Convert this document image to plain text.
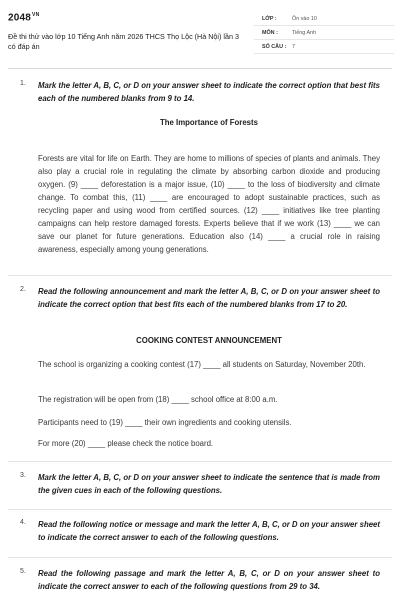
$2048^{VN}$
Đề thi thử vào lớp 10 Tiếng Anh năm 2026 THCS Thọ Lộc (Hà Nội) lần 3 có đáp án
LỚP :	Ôn vào 10
MÔN :	Tiếng Anh
SỐ CÂU : 7
1. Mark the letter A, B, C, or D on your answer sheet to indicate the correct option that best fits each of the numbered blanks from 9 to 14.
The Importance of Forests
Forests are vital for life on Earth. They are home to millions of species of plants and animals. They also play a crucial role in regulating the climate by absorbing carbon dioxide and producing oxygen. (9) ____ deforestation is a major issue, (10) ____ to the loss of biodiversity and climate change. To combat this, (11) ____ are encouraged to adopt sustainable practices, such as recycling paper and using wood from certified sources. (12) ____ initiatives like tree planting campaigns can help restore damaged forests. Experts believe that if we work (13) ____ we can save our planet for future generations. Education also (14) ____ a crucial role in raising awareness, especially among young generations.
2. Read the following announcement and mark the letter A, B, C, or D on your answer sheet to indicate the correct option that best fits each of the numbered blanks from 17 to 20.
COOKING CONTEST ANNOUNCEMENT
The school is organizing a cooking contest (17) ____ all students on Saturday, November 20th.
The registration will be open from (18) ____ school office at 8:00 a.m.
Participants need to (19) ____ their own ingredients and cooking utensils.
For more (20) ____ please check the notice board.
3. Mark the letter A, B, C, or D on your answer sheet to indicate the sentence that is made from the given cues in each of the following questions.
4. Read the following notice or message and mark the letter A, B, C, or D on your answer sheet to indicate the correct answer to each of the following questions.
5. Read the following passage and mark the letter A, B, C, or D on your answer sheet to indicate the correct answer to each of the following questions from 29 to 34.
